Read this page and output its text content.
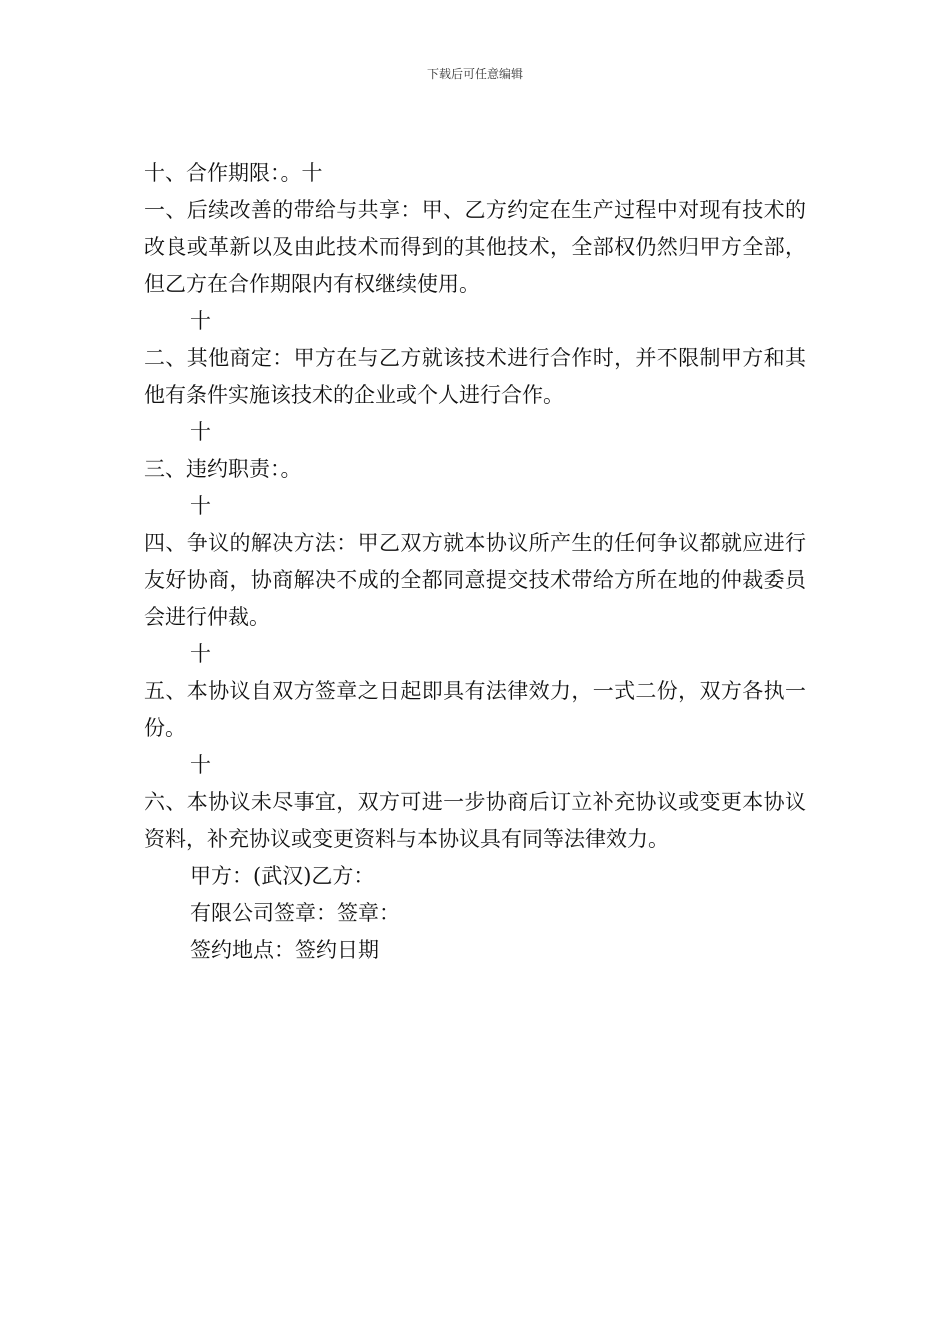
下载后可任意编辑

十、合作期限：。十

一、后续改善的带给与共享：甲、乙方约定在生产过程中对现有技术的改良或革新以及由此技术而得到的其他技术，全部权仍然归甲方全部，但乙方在合作期限内有权继续使用。

十

二、其他商定：甲方在与乙方就该技术进行合作时，并不限制甲方和其他有条件实施该技术的企业或个人进行合作。

十

三、违约职责：。

十

四、争议的解决方法：甲乙双方就本协议所产生的任何争议都就应进行友好协商，协商解决不成的全都同意提交技术带给方所在地的仲裁委员会进行仲裁。

十

五、本协议自双方签章之日起即具有法律效力，一式二份，双方各执一份。

十

六、本协议未尽事宜，双方可进一步协商后订立补充协议或变更本协议资料，补充协议或变更资料与本协议具有同等法律效力。

甲方：(武汉)乙方：

有限公司签章：签章：

签约地点：签约日期
